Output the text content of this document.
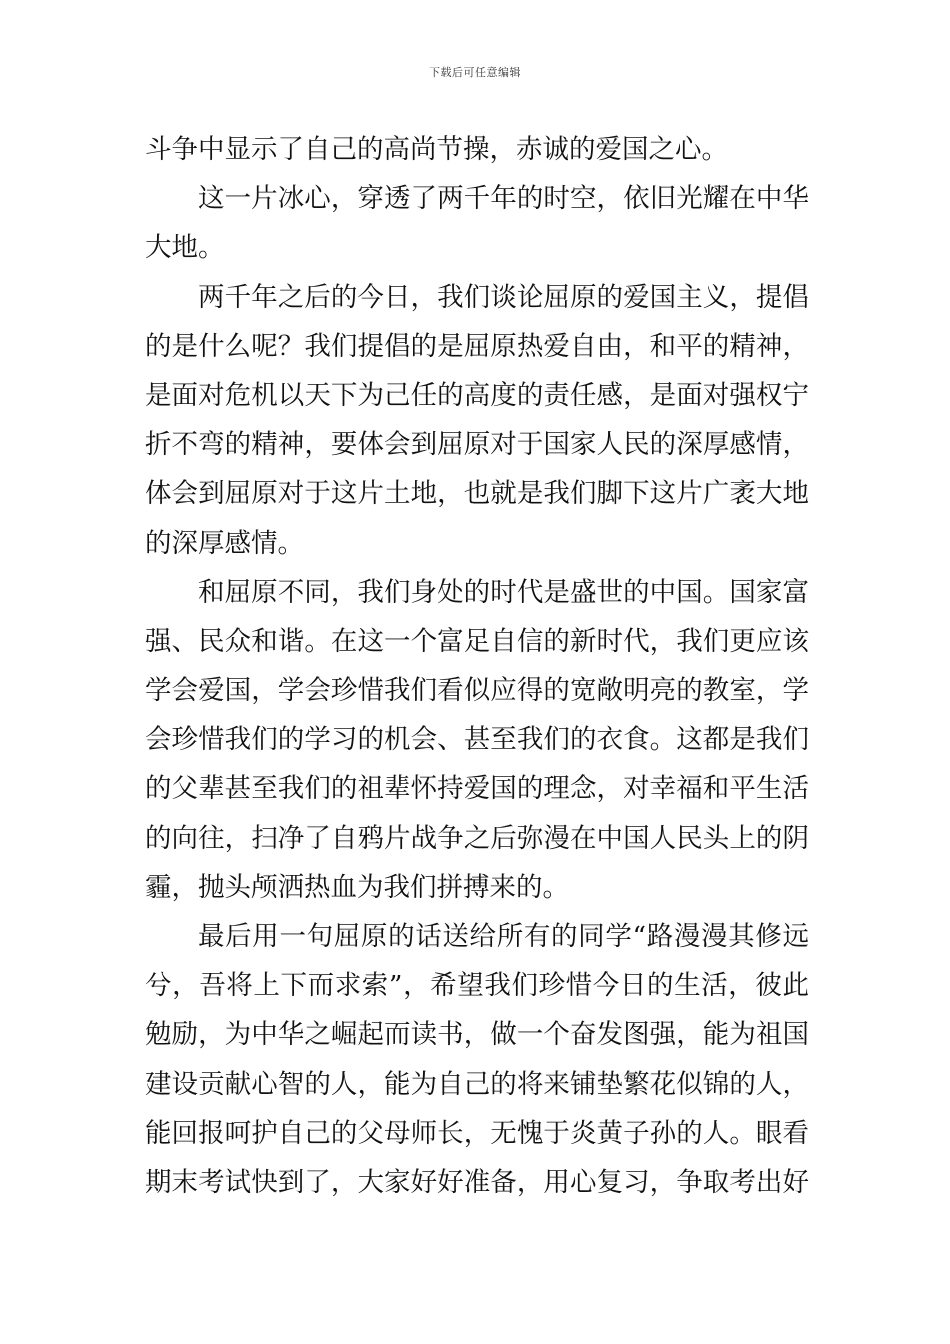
下载后可任意编辑
斗争中显示了自己的高尚节操，赤诚的爱国之心。
这一片冰心，穿透了两千年的时空，依旧光耀在中华
大地。
两千年之后的今日，我们谈论屈原的爱国主义，提倡
的是什么呢？我们提倡的是屈原热爱自由，和平的精神，
是面对危机以天下为己任的高度的责任感，是面对强权宁
折不弯的精神，要体会到屈原对于国家人民的深厚感情，
体会到屈原对于这片土地，也就是我们脚下这片广袤大地
的深厚感情。
和屈原不同，我们身处的时代是盛世的中国。国家富
强、民众和谐。在这一个富足自信的新时代，我们更应该
学会爱国，学会珍惜我们看似应得的宽敞明亮的教室，学
会珍惜我们的学习的机会、甚至我们的衣食。这都是我们
的父辈甚至我们的祖辈怀持爱国的理念，对幸福和平生活
的向往，扫净了自鸦片战争之后弥漫在中国人民头上的阴
霾，抛头颅洒热血为我们拼搏来的。
最后用一句屈原的话送给所有的同学“路漫漫其修远
兮，吾将上下而求索”，希望我们珍惜今日的生活，彼此
勉励，为中华之崛起而读书，做一个奋发图强，能为祖国
建设贡献心智的人，能为自己的将来铺垫繁花似锦的人，
能回报呵护自己的父母师长，无愧于炎黄子孙的人。眼看
期末考试快到了，大家好好准备，用心复习，争取考出好
